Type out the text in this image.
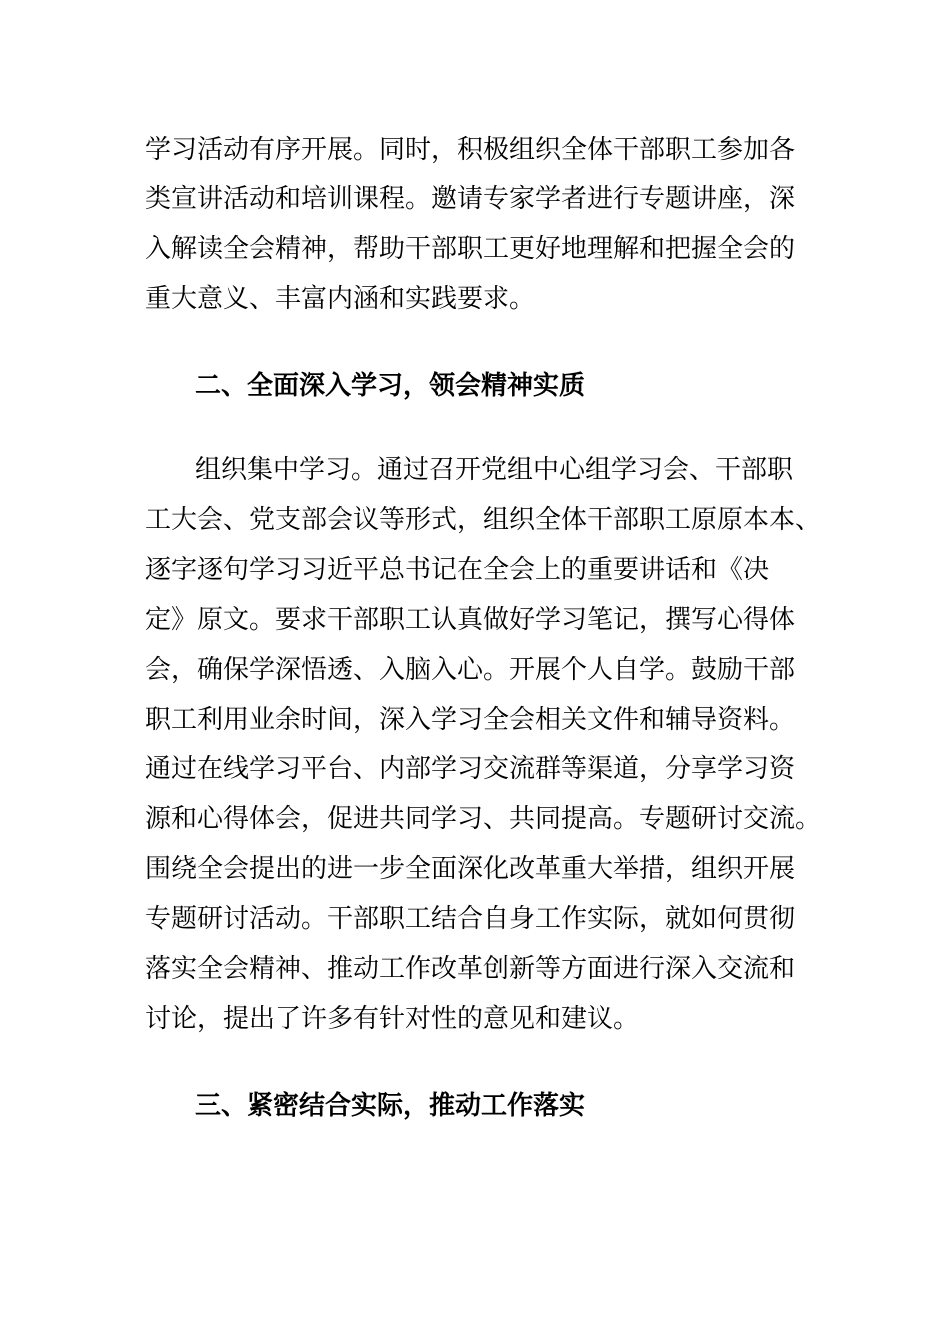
学习活动有序开展。同时，积极组织全体干部职工参加各
类宣讲活动和培训课程。邀请专家学者进行专题讲座，深
入解读全会精神，帮助干部职工更好地理解和把握全会的
重大意义、丰富内涵和实践要求。
二、全面深入学习，领会精神实质
组织集中学习。通过召开党组中心组学习会、干部职
工大会、党支部会议等形式，组织全体干部职工原原本本、
逐字逐句学习习近平总书记在全会上的重要讲话和《决
定》原文。要求干部职工认真做好学习笔记，撰写心得体
会，确保学深悟透、入脑入心。开展个人自学。鼓励干部
职工利用业余时间，深入学习全会相关文件和辅导资料。
通过在线学习平台、内部学习交流群等渠道，分享学习资
源和心得体会，促进共同学习、共同提高。专题研讨交流。
围绕全会提出的进一步全面深化改革重大举措，组织开展
专题研讨活动。干部职工结合自身工作实际，就如何贯彻
落实全会精神、推动工作改革创新等方面进行深入交流和
讨论，提出了许多有针对性的意见和建议。
三、紧密结合实际，推动工作落实
